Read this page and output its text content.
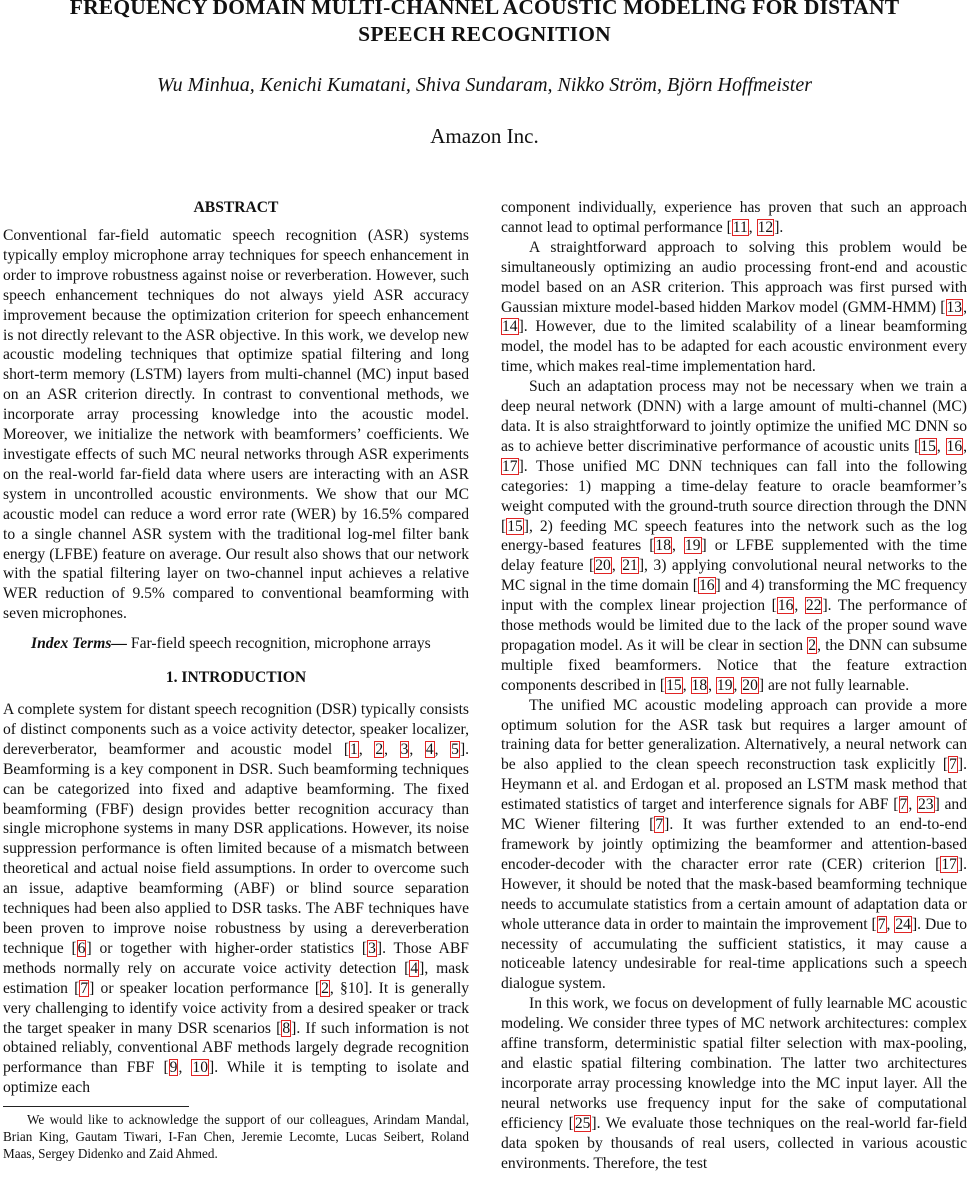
FREQUENCY DOMAIN MULTI-CHANNEL ACOUSTIC MODELING FOR DISTANT
SPEECH RECOGNITION
Wu Minhua, Kenichi Kumatani, Shiva Sundaram, Nikko Ström, Björn Hoffmeister
Amazon Inc.
ABSTRACT

Conventional far-field automatic speech recognition (ASR) systems typically employ microphone array techniques for speech enhancement in order to improve robustness against noise or reverberation. However, such speech enhancement techniques do not always yield ASR accuracy improvement because the optimization criterion for speech enhancement is not directly relevant to the ASR objective. In this work, we develop new acoustic modeling techniques that optimize spatial filtering and long short-term memory (LSTM) layers from multi-channel (MC) input based on an ASR criterion directly. In contrast to conventional methods, we incorporate array processing knowledge into the acoustic model. Moreover, we initialize the network with beamformers’ coefficients. We investigate effects of such MC neural networks through ASR experiments on the real-world far-field data where users are interacting with an ASR system in uncontrolled acoustic environments. We show that our MC acoustic model can reduce a word error rate (WER) by 16.5% compared to a single channel ASR system with the traditional log-mel filter bank energy (LFBE) feature on average. Our result also shows that our network with the spatial filtering layer on two-channel input achieves a relative WER reduction of 9.5% compared to conventional beamforming with seven microphones.

Index Terms— Far-field speech recognition, microphone arrays

1. INTRODUCTION

A complete system for distant speech recognition (DSR) typically consists of distinct components such as a voice activity detector, speaker localizer, dereverberator, beamformer and acoustic model [1, 2, 3, 4, 5]. Beamforming is a key component in DSR. Such beamforming techniques can be categorized into fixed and adaptive beamforming. The fixed beamforming (FBF) design provides better recognition accuracy than single microphone systems in many DSR applications. However, its noise suppression performance is often limited because of a mismatch between theoretical and actual noise field assumptions. In order to overcome such an issue, adaptive beamforming (ABF) or blind source separation techniques had been also applied to DSR tasks. The ABF techniques have been proven to improve noise robustness by using a dereverberation technique [6] or together with higher-order statistics [3]. Those ABF methods normally rely on accurate voice activity detection [4], mask estimation [7] or speaker location performance [2, §10]. It is generally very challenging to identify voice activity from a desired speaker or track the target speaker in many DSR scenarios [8]. If such information is not obtained reliably, conventional ABF methods largely degrade recognition performance than FBF [9, 10]. While it is tempting to isolate and optimize each

We would like to acknowledge the support of our colleagues, Arindam Mandal, Brian King, Gautam Tiwari, I-Fan Chen, Jeremie Lecomte, Lucas Seibert, Roland Maas, Sergey Didenko and Zaid Ahmed.

component individually, experience has proven that such an approach cannot lead to optimal performance [11, 12].

A straightforward approach to solving this problem would be simultaneously optimizing an audio processing front-end and acoustic model based on an ASR criterion. This approach was first pursed with Gaussian mixture model-based hidden Markov model (GMM-HMM) [13, 14]. However, due to the limited scalability of a linear beamforming model, the model has to be adapted for each acoustic environment every time, which makes real-time implementation hard.

Such an adaptation process may not be necessary when we train a deep neural network (DNN) with a large amount of multi-channel (MC) data. It is also straightforward to jointly optimize the unified MC DNN so as to achieve better discriminative performance of acoustic units [15, 16, 17]. Those unified MC DNN techniques can fall into the following categories: 1) mapping a time-delay feature to oracle beamformer’s weight computed with the ground-truth source direction through the DNN [15], 2) feeding MC speech features into the network such as the log energy-based features [18, 19] or LFBE supplemented with the time delay feature [20, 21], 3) applying convolutional neural networks to the MC signal in the time domain [16] and 4) transforming the MC frequency input with the complex linear projection [16, 22]. The performance of those methods would be limited due to the lack of the proper sound wave propagation model. As it will be clear in section 2, the DNN can subsume multiple fixed beamformers. Notice that the feature extraction components described in [15, 18, 19, 20] are not fully learnable.

The unified MC acoustic modeling approach can provide a more optimum solution for the ASR task but requires a larger amount of training data for better generalization. Alternatively, a neural network can be also applied to the clean speech reconstruction task explicitly [7]. Heymann et al. and Erdogan et al. proposed an LSTM mask method that estimated statistics of target and interference signals for ABF [7, 23] and MC Wiener filtering [7]. It was further extended to an end-to-end framework by jointly optimizing the beamformer and attention-based encoder-decoder with the character error rate (CER) criterion [17]. However, it should be noted that the mask-based beamforming technique needs to accumulate statistics from a certain amount of adaptation data or whole utterance data in order to maintain the improvement [7, 24]. Due to necessity of accumulating the sufficient statistics, it may cause a noticeable latency undesirable for real-time applications such a speech dialogue system.

In this work, we focus on development of fully learnable MC acoustic modeling. We consider three types of MC network architectures: complex affine transform, deterministic spatial filter selection with max-pooling, and elastic spatial filtering combination. The latter two architectures incorporate array processing knowledge into the MC input layer. All the neural networks use frequency input for the sake of computational efficiency [25]. We evaluate those techniques on the real-world far-field data spoken by thousands of real users, collected in various acoustic environments. Therefore, the test
